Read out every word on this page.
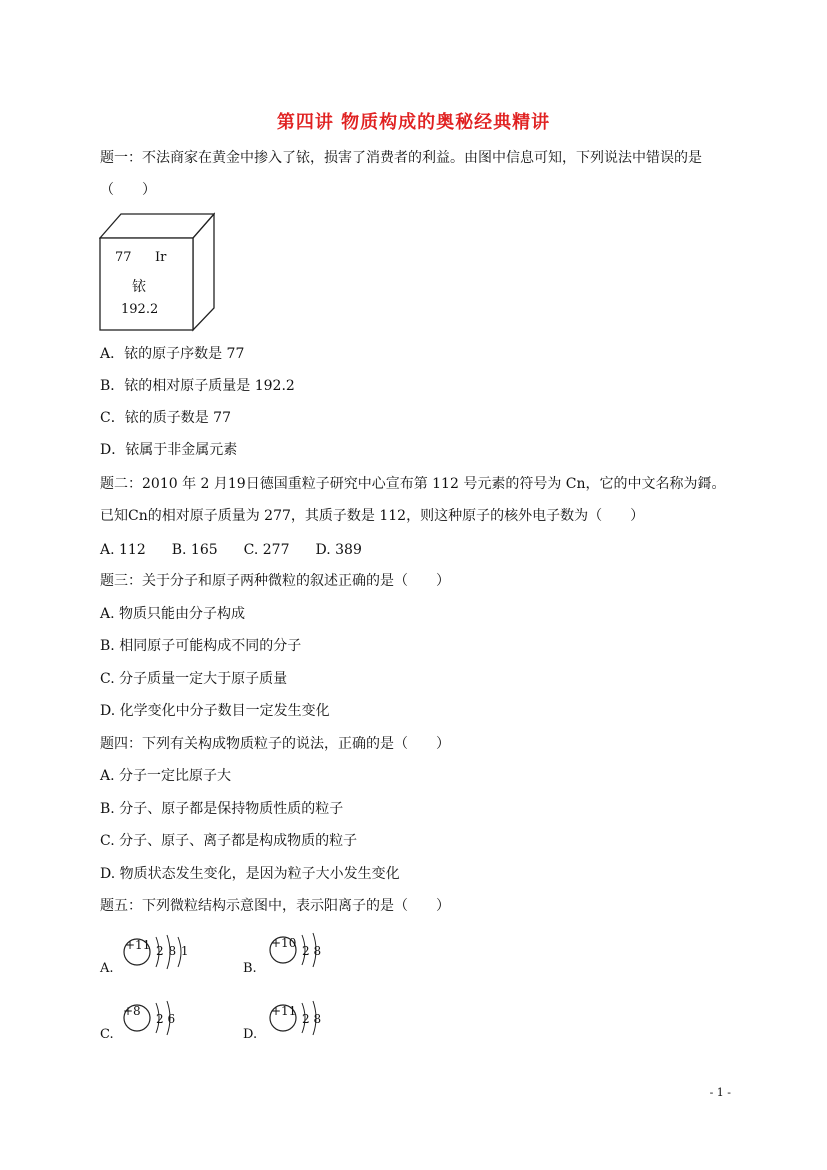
第四讲 物质构成的奥秘经典精讲
题一：不法商家在黄金中掺入了铱，损害了消费者的利益。由图中信息可知，下列说法中错误的是
（　　）
77 Ir
铱
192.2
A．铱的原子序数是 77
B．铱的相对原子质量是 192.2
C．铱的质子数是 77
D．铱属于非金属元素
题二：2010 年 2 月19日德国重粒子研究中心宣布第 112 号元素的符号为 Cn，它的中文名称为鎶。
已知Cn的相对原子质量为 277，其质子数是 112，则这种原子的核外电子数为（　　）
A. 112 B. 165 C. 277 D. 389
题三：关于分子和原子两种微粒的叙述正确的是（　　）
A. 物质只能由分子构成
B. 相同原子可能构成不同的分子
C. 分子质量一定大于原子质量
D. 化学变化中分子数目一定发生变化
题四：下列有关构成物质粒子的说法，正确的是（　　）
A. 分子一定比原子大
B. 分子、原子都是保持物质性质的粒子
C. 分子、原子、离子都是构成物质的粒子
D. 物质状态发生变化，是因为粒子大小发生变化
题五：下列微粒结构示意图中，表示阳离子的是（　　）
A.
+11 2 8 1
B.
+10
2 8
C.
+8
2 6
D.
+11
2 8
- 1 -
